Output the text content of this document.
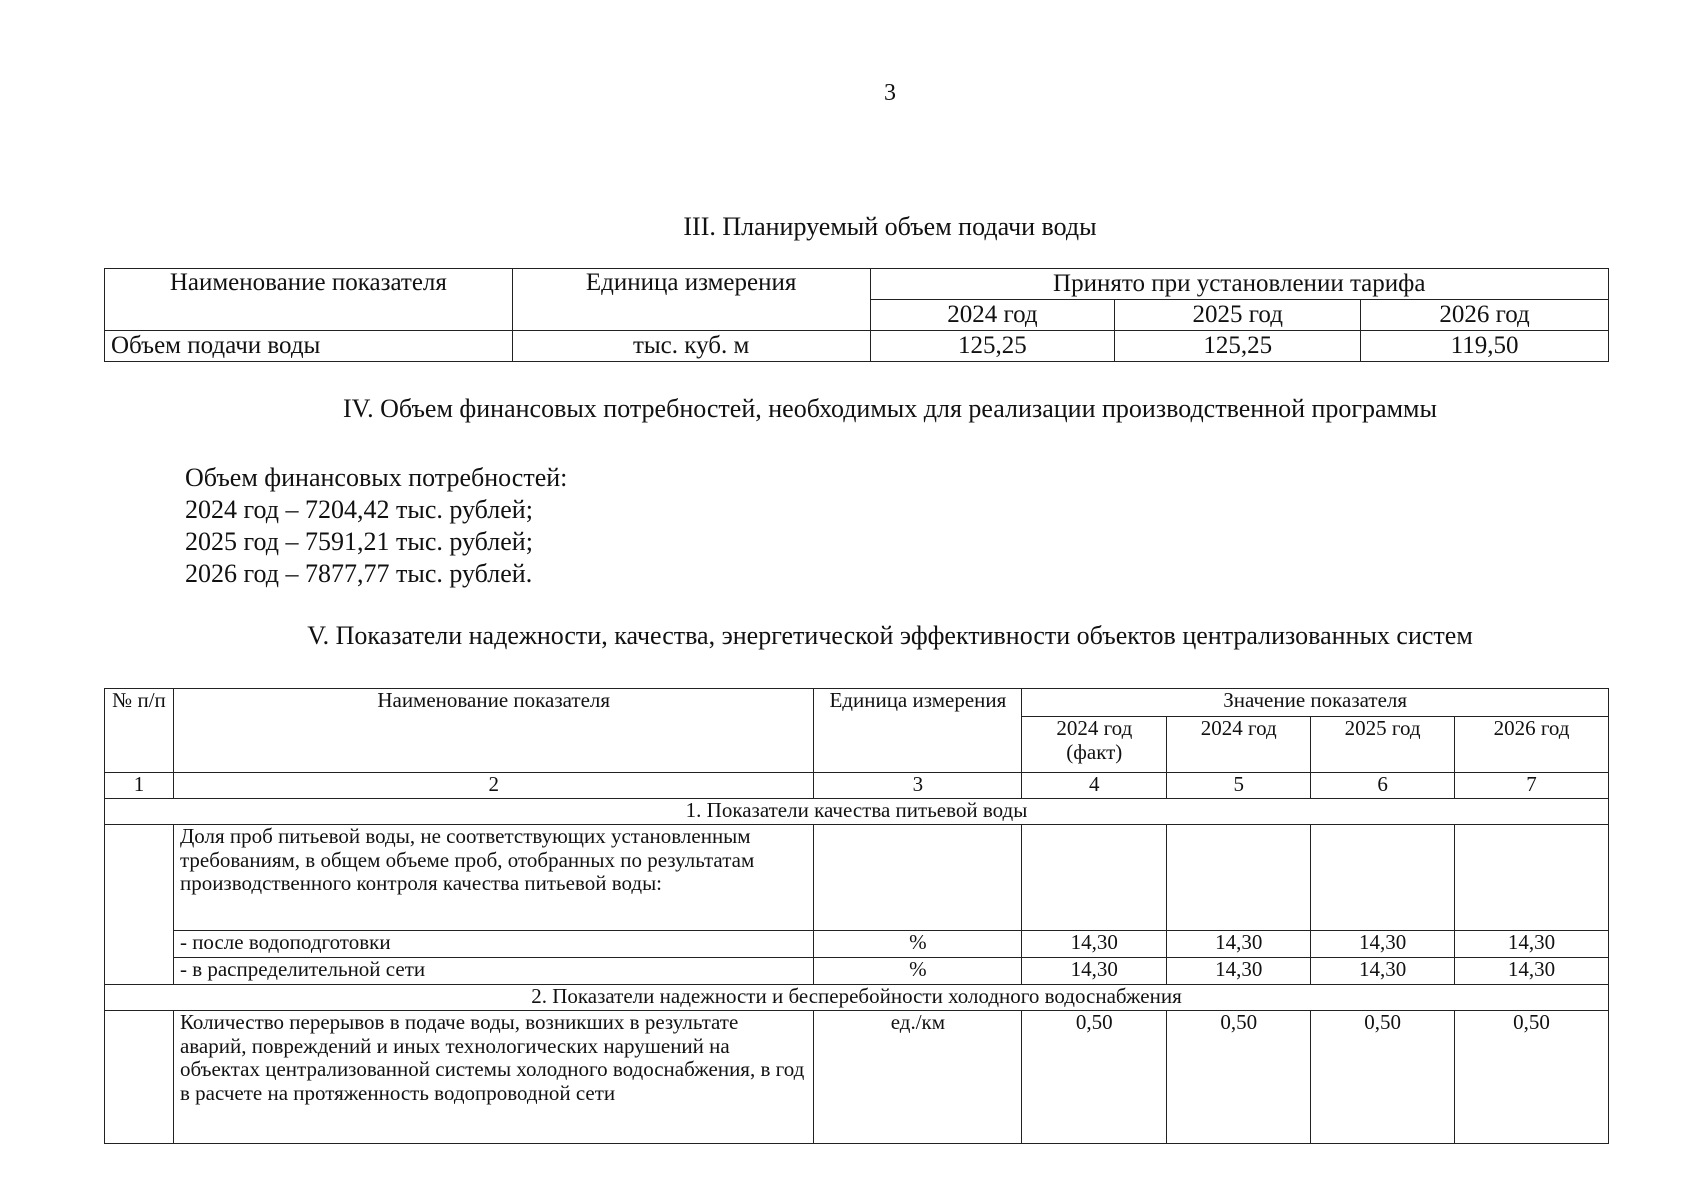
3
III. Планируемый объем подачи воды
Наименование показателя	Единица измерения	Принято при установлении тарифа		
		2024 год	2025 год	2026 год
Объем подачи воды	тыс. куб. м	125,25	125,25	119,50
IV. Объем финансовых потребностей, необходимых для реализации производственной программы
Объем финансовых потребностей:
2024 год – 7204,42 тыс. рублей;
2025 год – 7591,21 тыс. рублей;
2026 год – 7877,77 тыс. рублей.
V. Показатели надежности, качества, энергетической эффективности объектов централизованных систем
№ п/п	Наименование показателя	Единица измерения	Значение показателя			
			2024 год (факт)	2024 год	2025 год	2026 год
1	2	3	4	5	6	7
1. Показатели качества питьевой воды						
	Доля проб питьевой воды, не соответствующих установленным требованиям, в общем объеме проб, отобранных по результатам производственного контроля качества питьевой воды:					
	- после водоподготовки	%	14,30	14,30	14,30	14,30
	- в распределительной сети	%	14,30	14,30	14,30	14,30
2. Показатели надежности и бесперебойности холодного водоснабжения						
	Количество перерывов в подаче воды, возникших в результате аварий, повреждений и иных технологических нарушений на объектах централизованной системы холодного водоснабжения, в год в расчете на протяженность водопроводной сети	ед./км	0,50	0,50	0,50	0,50
